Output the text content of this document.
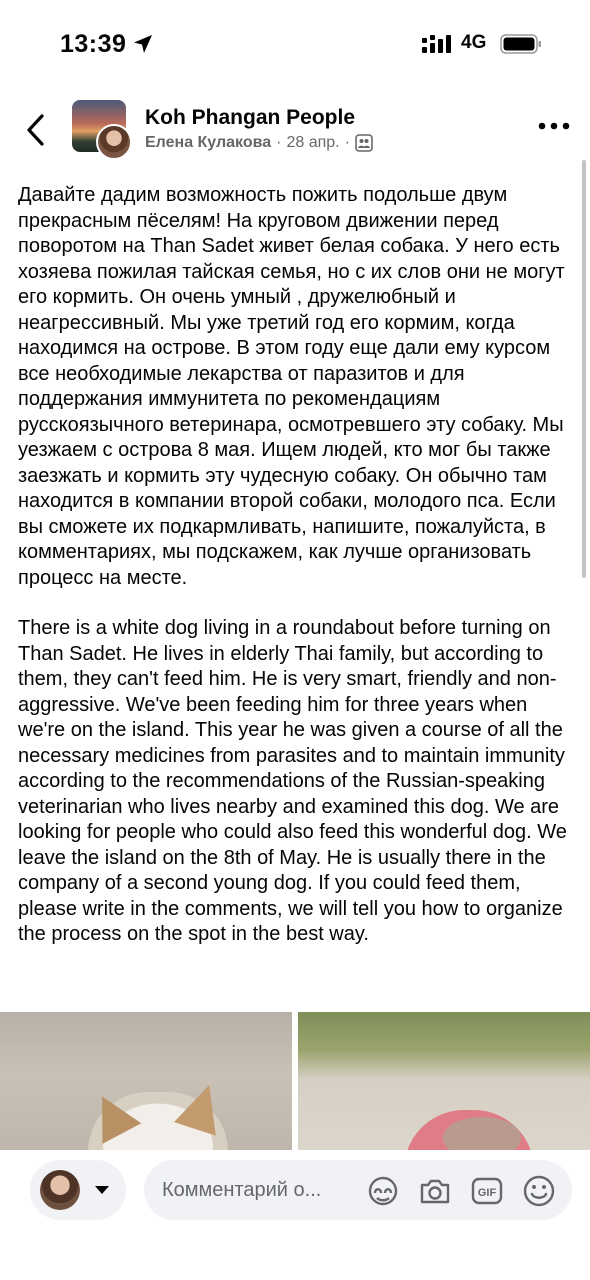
13:39	4G
Koh Phangan People
Елена Кулакова · 28 апр. ·

Давайте дадим возможность пожить подольше двум прекрасным пёселям! На круговом движении перед поворотом на Than Sadet живет белая собака. У него есть хозяева пожилая тайская семья, но с их слов они не могут его кормить. Он очень умный , дружелюбный и неагрессивный. Мы уже третий год его кормим, когда находимся на острове. В этом году еще дали ему курсом все необходимые лекарства от паразитов и для поддержания иммунитета по рекомендациям русскоязычного ветеринара, осмотревшего эту собаку. Мы уезжаем с острова 8 мая. Ищем людей, кто мог бы также заезжать и кормить эту чудесную собаку. Он обычно там находится в компании второй собаки, молодого пса. Если вы сможете их подкармливать, напишите, пожалуйста, в комментариях, мы подскажем, как лучше организовать процесс на месте.

There is a white dog living in a roundabout before turning on Than Sadet. He lives in elderly Thai family, but according to them, they can't feed him. He is very smart, friendly and non-aggressive. We've been feeding him for three years when we're on the island. This year he was given a course of all the necessary medicines from parasites and to maintain immunity according to the recommendations of the Russian-speaking veterinarian who lives nearby and examined this dog. We are looking for people who could also feed this wonderful dog. We leave the island on the 8th of May. He is usually there in the company of a second young dog. If you could feed them, please write in the comments, we will tell you how to organize the process on the spot in the best way.

Комментарий о...
GIF
